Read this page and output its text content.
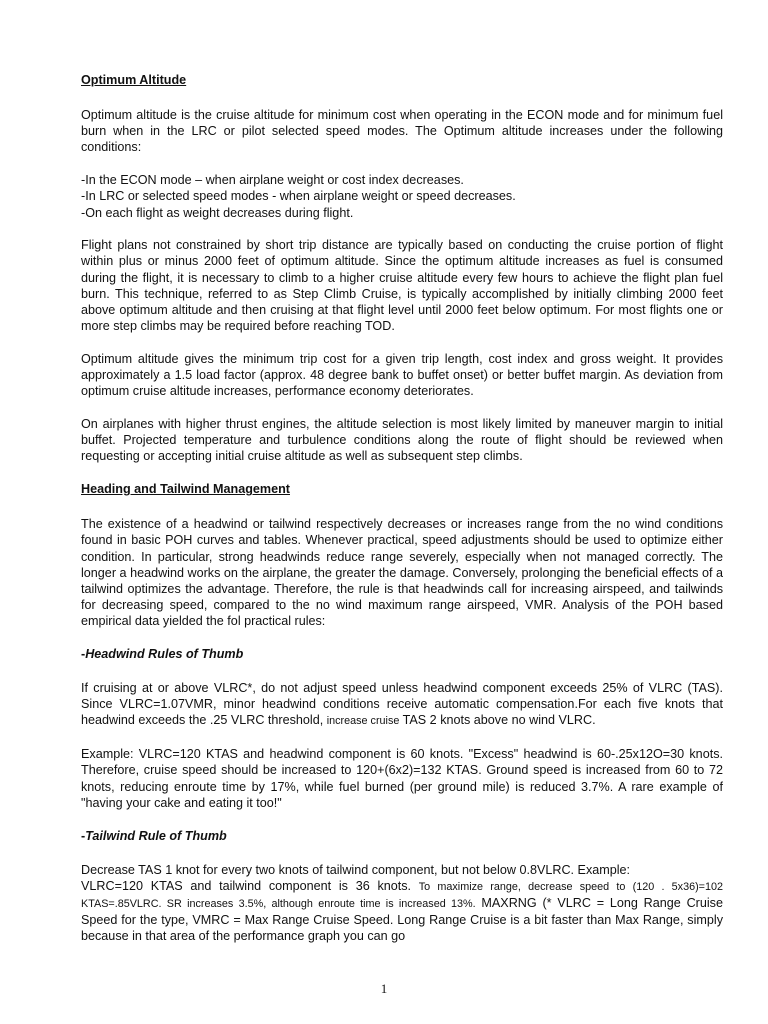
Optimum Altitude

Optimum altitude is the cruise altitude for minimum cost when operating in the ECON mode and for minimum fuel burn when in the LRC or pilot selected speed modes. The Optimum altitude increases under the following conditions:

-In the ECON mode – when airplane weight or cost index decreases.
-In LRC or selected speed modes - when airplane weight or speed decreases.
-On each flight as weight decreases during flight.

Flight plans not constrained by short trip distance are typically based on conducting the cruise portion of flight within plus or minus 2000 feet of optimum altitude. Since the optimum altitude increases as fuel is consumed during the flight, it is necessary to climb to a higher cruise altitude every few hours to achieve the flight plan fuel burn. This technique, referred to as Step Climb Cruise, is typically accomplished by initially climbing 2000 feet above optimum altitude and then cruising at that flight level until 2000 feet below optimum. For most flights one or more step climbs may be required before reaching TOD.

Optimum altitude gives the minimum trip cost for a given trip length, cost index and gross weight. It provides approximately a 1.5 load factor (approx. 48 degree bank to buffet onset) or better buffet margin. As deviation from optimum cruise altitude increases, performance economy deteriorates.

On airplanes with higher thrust engines, the altitude selection is most likely limited by maneuver margin to initial buffet. Projected temperature and turbulence conditions along the route of flight should be reviewed when requesting or accepting initial cruise altitude as well as subsequent step climbs.

Heading and Tailwind Management

The existence of a headwind or tailwind respectively decreases or increases range from the no wind conditions found in basic POH curves and tables. Whenever practical, speed adjustments should be used to optimize either condition. In particular, strong headwinds reduce range severely, especially when not managed correctly. The longer a headwind works on the airplane, the greater the damage. Conversely, prolonging the beneficial effects of a tailwind optimizes the advantage. Therefore, the rule is that headwinds call for increasing airspeed, and tailwinds for decreasing speed, compared to the no wind maximum range airspeed, VMR. Analysis of the POH based empirical data yielded the fol practical rules:

-Headwind Rules of Thumb

If cruising at or above VLRC*, do not adjust speed unless headwind component exceeds 25% of VLRC (TAS). Since VLRC=1.07VMR, minor headwind conditions receive automatic compensation.For each five knots that headwind exceeds the .25 VLRC threshold, increase cruise TAS 2 knots above no wind VLRC.

Example: VLRC=120 KTAS and headwind component is 60 knots. "Excess" headwind is 60-.25x12O=30 knots. Therefore, cruise speed should be increased to 120+(6x2)=132 KTAS. Ground speed is increased from 60 to 72 knots, reducing enroute time by 17%, while fuel burned (per ground mile) is reduced 3.7%. A rare example of "having your cake and eating it too!"

-Tailwind Rule of Thumb

Decrease TAS 1 knot for every two knots of tailwind component, but not below 0.8VLRC. Example:
VLRC=120 KTAS and tailwind component is 36 knots. To maximize range, decrease speed to (120 . 5x36)=102 KTAS=.85VLRC. SR increases 3.5%, although enroute time is increased 13%. MAXRNG (* VLRC = Long Range Cruise Speed for the type, VMRC = Max Range Cruise Speed. Long Range Cruise is a bit faster than Max Range, simply because in that area of the performance graph you can go

1
